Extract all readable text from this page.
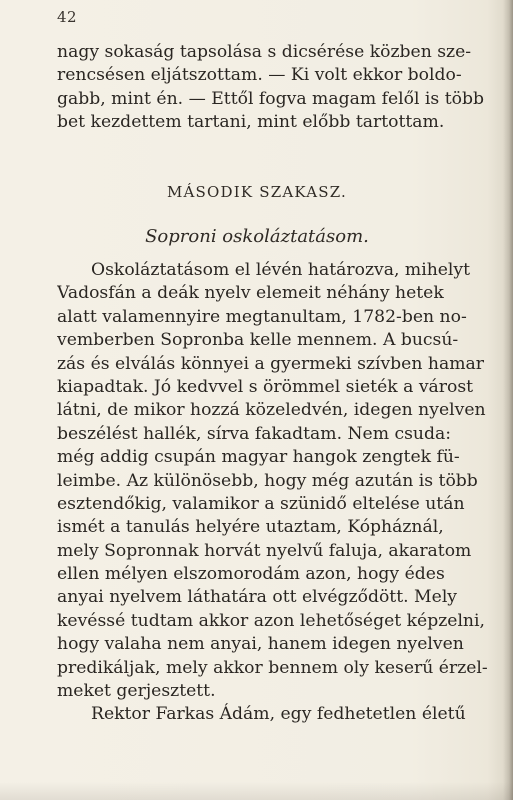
42
nagy sokaság tapsolása s dicsérése közben sze-
rencsésen eljátszottam. — Ki volt ekkor boldo-
gabb, mint én. — Ettől fogva magam felől is több
bet kezdettem tartani, mint előbb tartottam.
MÁSODIK SZAKASZ.
Soproni oskoláztatásom.
Oskoláztatásom el lévén határozva, mihelyt
Vadosfán a deák nyelv elemeit néhány hetek
alatt valamennyire megtanultam, 1782-ben no-
vemberben Sopronba kelle mennem. A bucsú-
zás és elválás könnyei a gyermeki szívben hamar
kiapadtak. Jó kedvvel s örömmel sieték a várost
látni, de mikor hozzá közeledvén, idegen nyelven
beszélést hallék, sírva fakadtam. Nem csuda:
még addig csupán magyar hangok zengtek fü-
leimbe. Az különösebb, hogy még azután is több
esztendőkig, valamikor a szünidő eltelése után
ismét a tanulás helyére utaztam, Kópháznál,
mely Sopronnak horvát nyelvű faluja, akaratom
ellen mélyen elszomorodám azon, hogy édes
anyai nyelvem láthatára ott elvégződött. Mely
kevéssé tudtam akkor azon lehetőséget képzelni,
hogy valaha nem anyai, hanem idegen nyelven
predikáljak, mely akkor bennem oly keserű érzel-
meket gerjesztett.
Rektor Farkas Ádám, egy fedhetetlen életű
